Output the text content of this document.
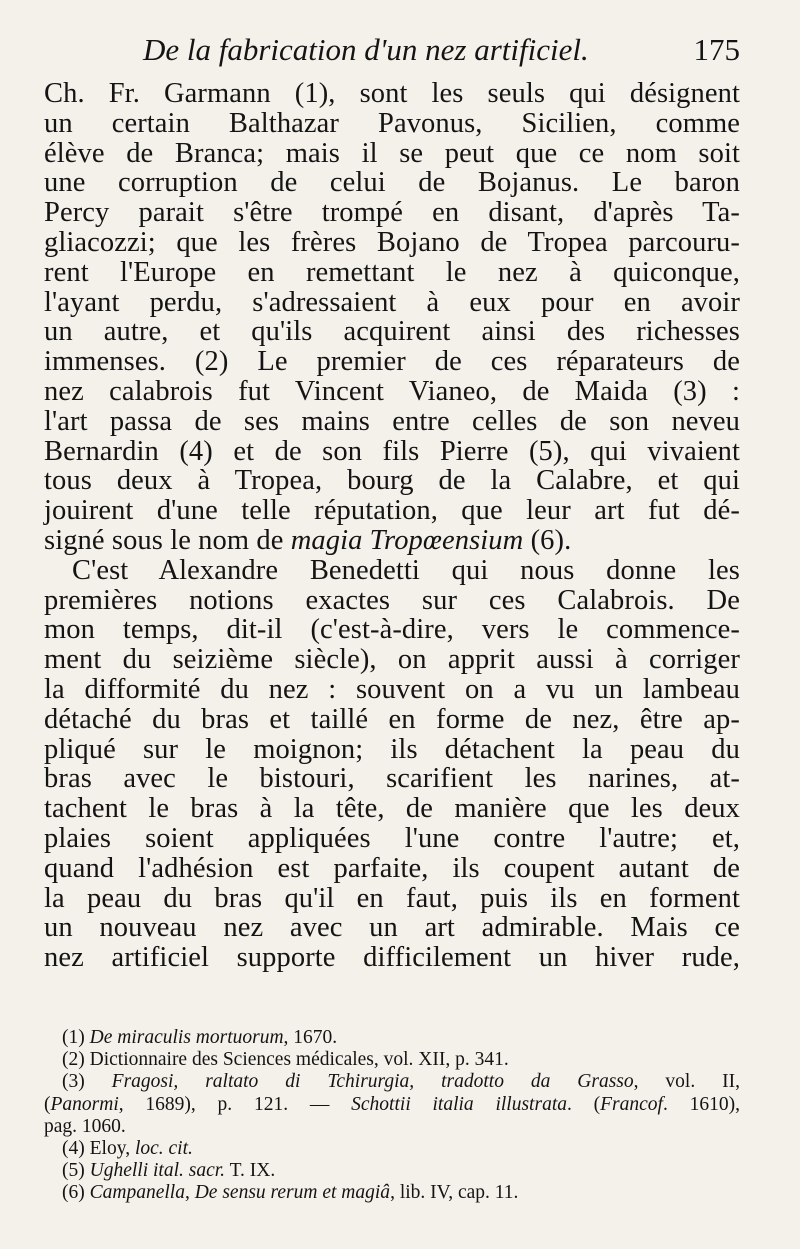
De la fabrication d'un nez artificiel.	175
Ch. Fr. Garmann (1), sont les seuls qui désignent
un certain Balthazar Pavonus, Sicilien, comme
élève de Branca; mais il se peut que ce nom soit
une corruption de celui de Bojanus. Le baron
Percy parait s'être trompé en disant, d'après Ta-
gliacozzi; que les frères Bojano de Tropea parcouru-
rent l'Europe en remettant le nez à quiconque,
l'ayant perdu, s'adressaient à eux pour en avoir
un autre, et qu'ils acquirent ainsi des richesses
immenses. (2) Le premier de ces réparateurs de
nez calabrois fut Vincent Vianeo, de Maida (3) :
l'art passa de ses mains entre celles de son neveu
Bernardin (4) et de son fils Pierre (5), qui vivaient
tous deux à Tropea, bourg de la Calabre, et qui
jouirent d'une telle réputation, que leur art fut dé-
signé sous le nom de magia Tropœensium (6).
C'est Alexandre Benedetti qui nous donne les
premières notions exactes sur ces Calabrois. De
mon temps, dit-il (c'est-à-dire, vers le commence-
ment du seizième siècle), on apprit aussi à corriger
la difformité du nez : souvent on a vu un lambeau
détaché du bras et taillé en forme de nez, être ap-
pliqué sur le moignon; ils détachent la peau du
bras avec le bistouri, scarifient les narines, at-
tachent le bras à la tête, de manière que les deux
plaies soient appliquées l'une contre l'autre; et,
quand l'adhésion est parfaite, ils coupent autant de
la peau du bras qu'il en faut, puis ils en forment
un nouveau nez avec un art admirable. Mais ce
nez artificiel supporte difficilement un hiver rude,
(1) De miraculis mortuorum, 1670.
(2) Dictionnaire des Sciences médicales, vol. XII, p. 341.
(3) Fragosi, raltato di Tchirurgia, tradotto da Grasso, vol. II,
(Panormi, 1689), p. 121. — Schottii italia illustrata. (Francof. 1610),
pag. 1060.
(4) Eloy, loc. cit.
(5) Ughelli ital. sacr. T. IX.
(6) Campanella, De sensu rerum et magiâ, lib. IV, cap. 11.
